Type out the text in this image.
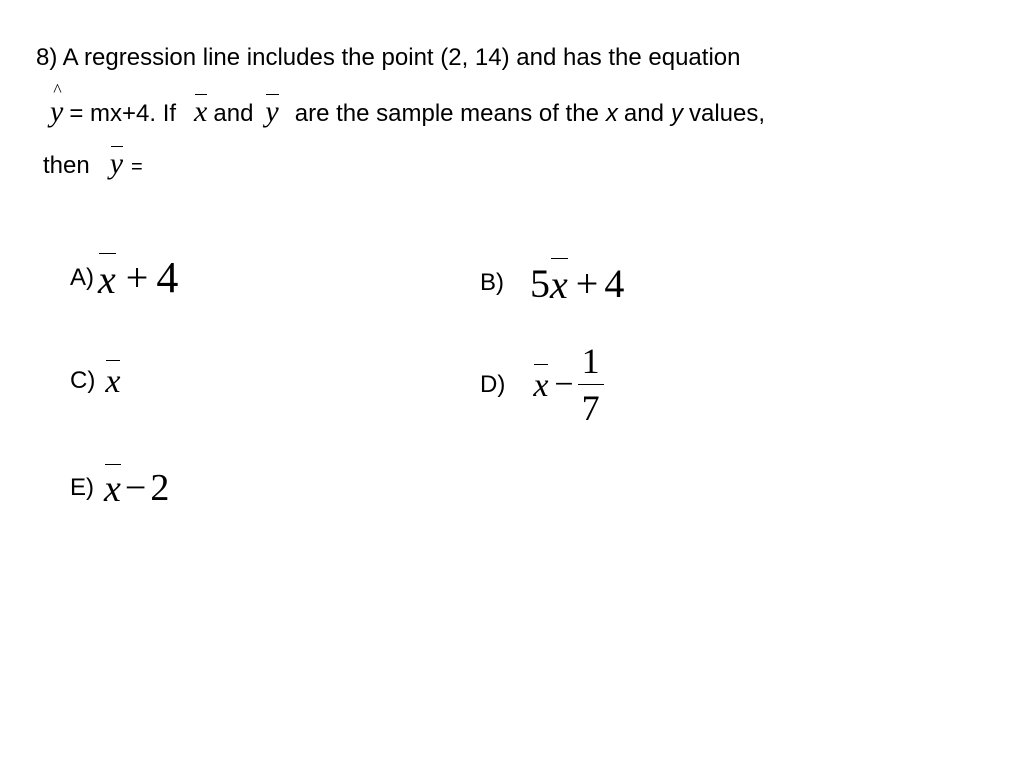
8) A regression line includes the point (2, 14) and has the equation
^ y = mx+4. If x and y are the sample means of the x and y values,
then y =
A) x + 4	B) 5 x + 4
C) x	D) $x - \frac{1}{7}$
E) x − 2
